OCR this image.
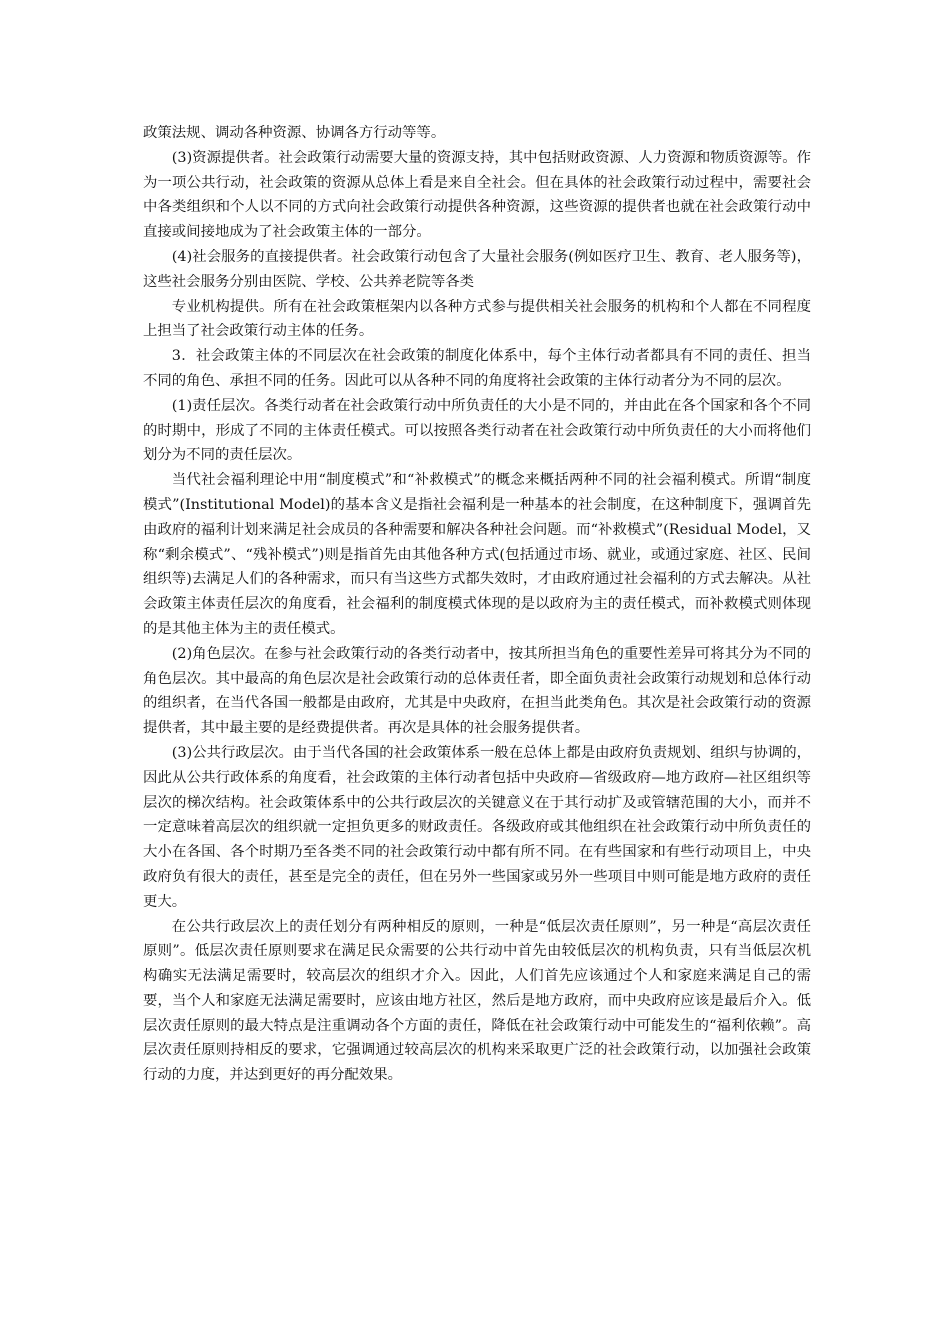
政策法规、调动各种资源、协调各方行动等等。

(3)资源提供者。社会政策行动需要大量的资源支持，其中包括财政资源、人力资源和物质资源等。作为一项公共行动，社会政策的资源从总体上看是来自全社会。但在具体的社会政策行动过程中，需要社会中各类组织和个人以不同的方式向社会政策行动提供各种资源，这些资源的提供者也就在社会政策行动中直接或间接地成为了社会政策主体的一部分。

(4)社会服务的直接提供者。社会政策行动包含了大量社会服务(例如医疗卫生、教育、老人服务等)，这些社会服务分别由医院、学校、公共养老院等各类

专业机构提供。所有在社会政策框架内以各种方式参与提供相关社会服务的机构和个人都在不同程度上担当了社会政策行动主体的任务。

3．社会政策主体的不同层次在社会政策的制度化体系中，每个主体行动者都具有不同的责任、担当不同的角色、承担不同的任务。因此可以从各种不同的角度将社会政策的主体行动者分为不同的层次。

(1)责任层次。各类行动者在社会政策行动中所负责任的大小是不同的，并由此在各个国家和各个不同的时期中，形成了不同的主体责任模式。可以按照各类行动者在社会政策行动中所负责任的大小而将他们划分为不同的责任层次。

当代社会福利理论中用“制度模式”和“补救模式”的概念来概括两种不同的社会福利模式。所谓“制度模式”(Institutional Model)的基本含义是指社会福利是一种基本的社会制度，在这种制度下，强调首先由政府的福利计划来满足社会成员的各种需要和解决各种社会问题。而“补救模式”(Residual Model，又称“剩余模式”、“残补模式”)则是指首先由其他各种方式(包括通过市场、就业，或通过家庭、社区、民间组织等)去满足人们的各种需求，而只有当这些方式都失效时，才由政府通过社会福利的方式去解决。从社会政策主体责任层次的角度看，社会福利的制度模式体现的是以政府为主的责任模式，而补救模式则体现的是其他主体为主的责任模式。

(2)角色层次。在参与社会政策行动的各类行动者中，按其所担当角色的重要性差异可将其分为不同的角色层次。其中最高的角色层次是社会政策行动的总体责任者，即全面负责社会政策行动规划和总体行动的组织者，在当代各国一般都是由政府，尤其是中央政府，在担当此类角色。其次是社会政策行动的资源提供者，其中最主要的是经费提供者。再次是具体的社会服务提供者。

(3)公共行政层次。由于当代各国的社会政策体系一般在总体上都是由政府负责规划、组织与协调的，因此从公共行政体系的角度看，社会政策的主体行动者包括中央政府—省级政府—地方政府—社区组织等层次的梯次结构。社会政策体系中的公共行政层次的关键意义在于其行动扩及或管辖范围的大小，而并不一定意味着高层次的组织就一定担负更多的财政责任。各级政府或其他组织在社会政策行动中所负责任的大小在各国、各个时期乃至各类不同的社会政策行动中都有所不同。在有些国家和有些行动项目上，中央政府负有很大的责任，甚至是完全的责任，但在另外一些国家或另外一些项目中则可能是地方政府的责任更大。

在公共行政层次上的责任划分有两种相反的原则，一种是“低层次责任原则”，另一种是“高层次责任原则”。低层次责任原则要求在满足民众需要的公共行动中首先由较低层次的机构负责，只有当低层次机构确实无法满足需要时，较高层次的组织才介入。因此，人们首先应该通过个人和家庭来满足自己的需要，当个人和家庭无法满足需要时，应该由地方社区，然后是地方政府，而中央政府应该是最后介入。低层次责任原则的最大特点是注重调动各个方面的责任，降低在社会政策行动中可能发生的“福利依赖”。高层次责任原则持相反的要求，它强调通过较高层次的机构来采取更广泛的社会政策行动，以加强社会政策行动的力度，并达到更好的再分配效果。
